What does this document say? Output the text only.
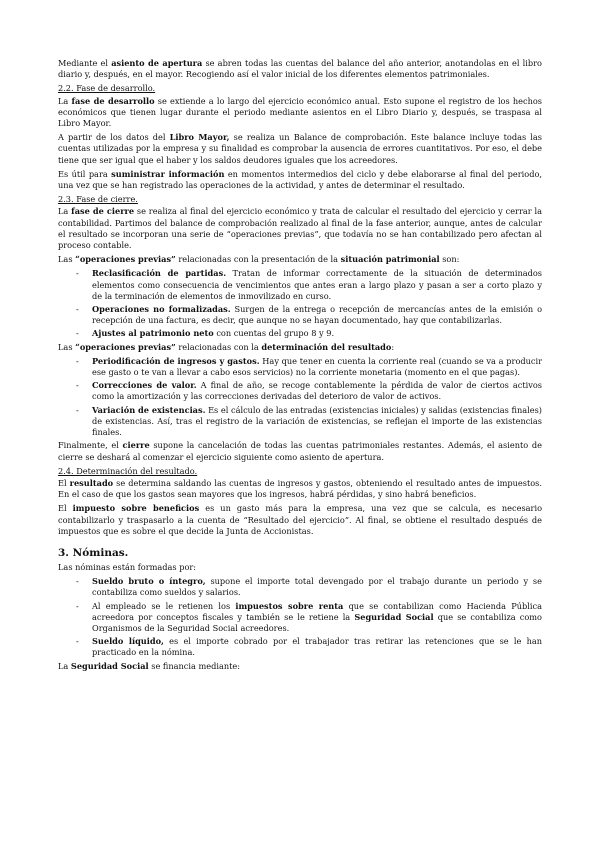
Mediante el asiento de apertura se abren todas las cuentas del balance del año anterior, anotandolas en el libro diario y, después, en el mayor. Recogiendo así el valor inicial de los diferentes elementos patrimoniales.

2.2. Fase de desarrollo.

La fase de desarrollo se extiende a lo largo del ejercicio económico anual. Esto supone el registro de los hechos económicos que tienen lugar durante el periodo mediante asientos en el Libro Diario y, después, se traspasa al Libro Mayor.

A partir de los datos del Libro Mayor, se realiza un Balance de comprobación. Este balance incluye todas las cuentas utilizadas por la empresa y su finalidad es comprobar la ausencia de errores cuantitativos. Por eso, el debe tiene que ser igual que el haber y los saldos deudores iguales que los acreedores.

Es útil para suministrar información en momentos intermedios del ciclo y debe elaborarse al final del periodo, una vez que se han registrado las operaciones de la actividad, y antes de determinar el resultado.

2.3. Fase de cierre.

La fase de cierre se realiza al final del ejercicio económico y trata de calcular el resultado del ejercicio y cerrar la contabilidad. Partimos del balance de comprobación realizado al final de la fase anterior, aunque, antes de calcular el resultado se incorporan una serie de “operaciones previas”, que todavía no se han contabilizado pero afectan al proceso contable.

Las “operaciones previas” relacionadas con la presentación de la situación patrimonial son:

- Reclasificación de partidas. Tratan de informar correctamente de la situación de determinados elementos como consecuencia de vencimientos que antes eran a largo plazo y pasan a ser a corto plazo y de la terminación de elementos de inmovilizado en curso.
- Operaciones no formalizadas. Surgen de la entrega o recepción de mercancías antes de la emisión o recepción de una factura, es decir, que aunque no se hayan documentado, hay que contabilizarlas.
- Ajustes al patrimonio neto con cuentas del grupo 8 y 9.

Las “operaciones previas” relacionadas con la determinación del resultado:

- Periodificación de ingresos y gastos. Hay que tener en cuenta la corriente real (cuando se va a producir ese gasto o te van a llevar a cabo esos servicios) no la corriente monetaria (momento en el que pagas).
- Correcciones de valor. A final de año, se recoge contablemente la pérdida de valor de ciertos activos como la amortización y las correcciones derivadas del deterioro de valor de activos.
- Variación de existencias. Es el cálculo de las entradas (existencias iniciales) y salidas (existencias finales) de existencias. Así, tras el registro de la variación de existencias, se reflejan el importe de las existencias finales.

Finalmente, el cierre supone la cancelación de todas las cuentas patrimoniales restantes. Además, el asiento de cierre se deshará al comenzar el ejercicio siguiente como asiento de apertura.

2.4. Determinación del resultado.

El resultado se determina saldando las cuentas de ingresos y gastos, obteniendo el resultado antes de impuestos. En el caso de que los gastos sean mayores que los ingresos, habrá pérdidas, y sino habrá beneficios.

El impuesto sobre beneficios es un gasto más para la empresa, una vez que se calcula, es necesario contabilizarlo y traspasarlo a la cuenta de “Resultado del ejercicio”. Al final, se obtiene el resultado después de impuestos que es sobre el que decide la Junta de Accionistas.

3. Nóminas.

Las nóminas están formadas por:

- Sueldo bruto o íntegro, supone el importe total devengado por el trabajo durante un periodo y se contabiliza como sueldos y salarios.
- Al empleado se le retienen los impuestos sobre renta que se contabilizan como Hacienda Pública acreedora por conceptos fiscales y también se le retiene la Seguridad Social que se contabiliza como Organismos de la Seguridad Social acreedores.
- Sueldo líquido, es el importe cobrado por el trabajador tras retirar las retenciones que se le han practicado en la nómina.

La Seguridad Social se financia mediante:
